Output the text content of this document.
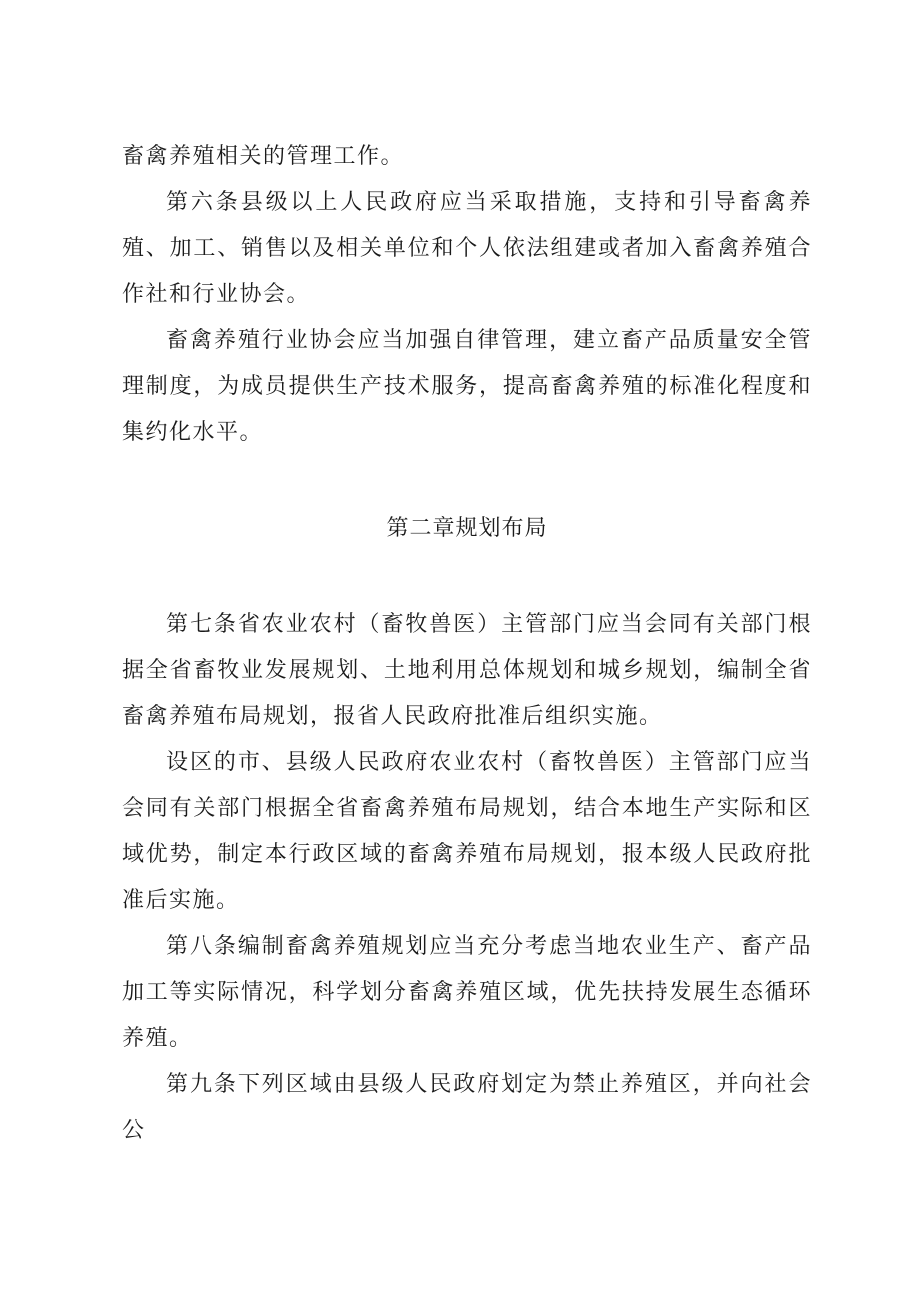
畜禽养殖相关的管理工作。

第六条县级以上人民政府应当采取措施，支持和引导畜禽养殖、加工、销售以及相关单位和个人依法组建或者加入畜禽养殖合作社和行业协会。

畜禽养殖行业协会应当加强自律管理，建立畜产品质量安全管理制度，为成员提供生产技术服务，提高畜禽养殖的标准化程度和集约化水平。

第二章规划布局

第七条省农业农村（畜牧兽医）主管部门应当会同有关部门根据全省畜牧业发展规划、土地利用总体规划和城乡规划，编制全省畜禽养殖布局规划，报省人民政府批准后组织实施。

设区的市、县级人民政府农业农村（畜牧兽医）主管部门应当会同有关部门根据全省畜禽养殖布局规划，结合本地生产实际和区域优势，制定本行政区域的畜禽养殖布局规划，报本级人民政府批准后实施。

第八条编制畜禽养殖规划应当充分考虑当地农业生产、畜产品加工等实际情况，科学划分畜禽养殖区域，优先扶持发展生态循环养殖。

第九条下列区域由县级人民政府划定为禁止养殖区，并向社会公
